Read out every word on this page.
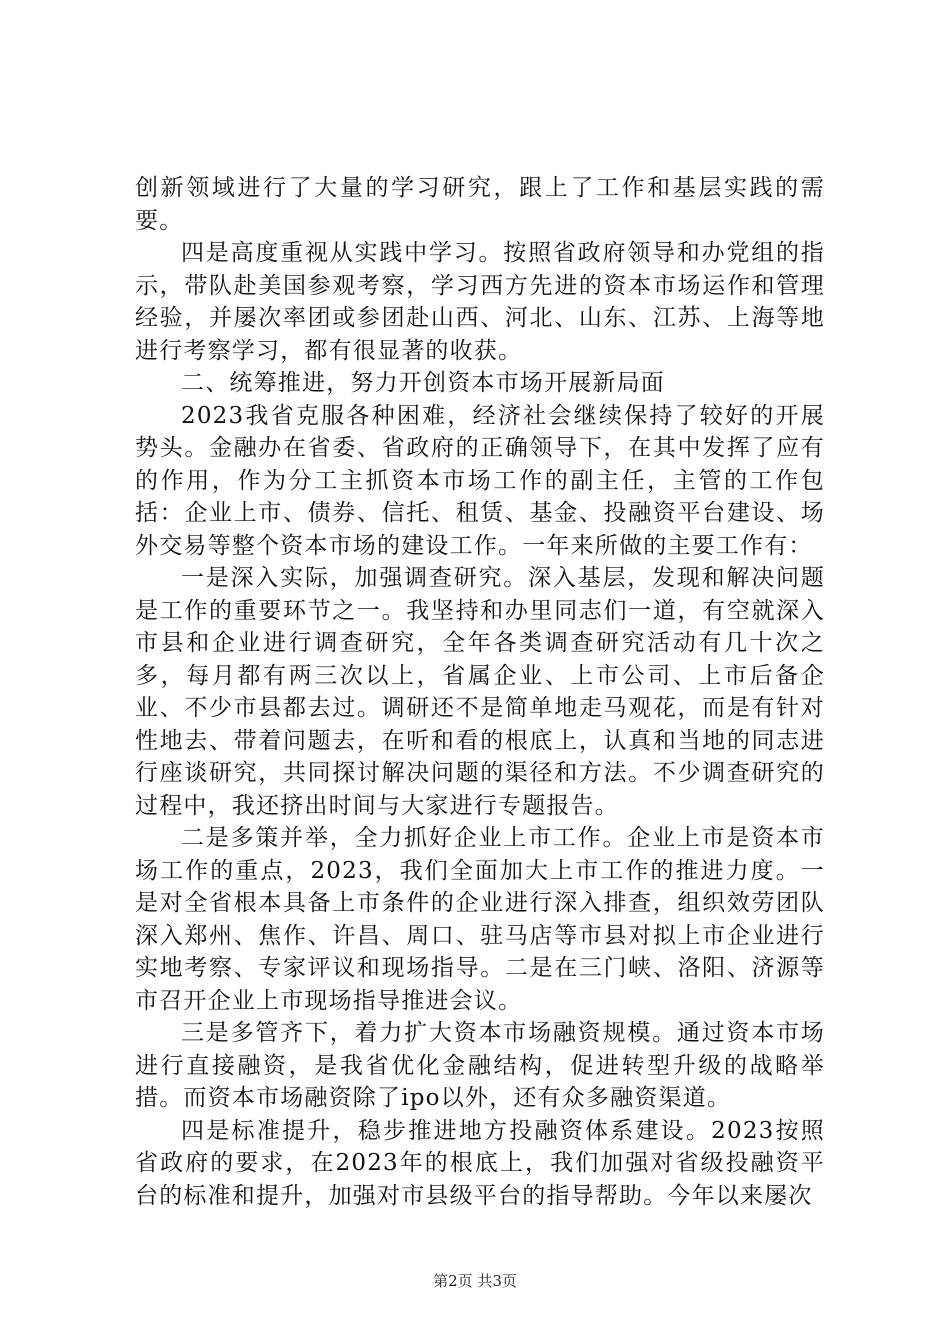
创新领域进行了大量的学习研究，跟上了工作和基层实践的需要。

四是高度重视从实践中学习。按照省政府领导和办党组的指示，带队赴美国参观考察，学习西方先进的资本市场运作和管理经验，并屡次率团或参团赴山西、河北、山东、江苏、上海等地进行考察学习，都有很显著的收获。

二、统筹推进，努力开创资本市场开展新局面

2023我省克服各种困难，经济社会继续保持了较好的开展势头。金融办在省委、省政府的正确领导下，在其中发挥了应有的作用，作为分工主抓资本市场工作的副主任，主管的工作包括：企业上市、债券、信托、租赁、基金、投融资平台建设、场外交易等整个资本市场的建设工作。一年来所做的主要工作有：

一是深入实际，加强调查研究。深入基层，发现和解决问题是工作的重要环节之一。我坚持和办里同志们一道，有空就深入市县和企业进行调查研究，全年各类调查研究活动有几十次之多，每月都有两三次以上，省属企业、上市公司、上市后备企业、不少市县都去过。调研还不是简单地走马观花，而是有针对性地去、带着问题去，在听和看的根底上，认真和当地的同志进行座谈研究，共同探讨解决问题的渠径和方法。不少调查研究的过程中，我还挤出时间与大家进行专题报告。

二是多策并举，全力抓好企业上市工作。企业上市是资本市场工作的重点，2023，我们全面加大上市工作的推进力度。一是对全省根本具备上市条件的企业进行深入排查，组织效劳团队深入郑州、焦作、许昌、周口、驻马店等市县对拟上市企业进行实地考察、专家评议和现场指导。二是在三门峡、洛阳、济源等市召开企业上市现场指导推进会议。

三是多管齐下，着力扩大资本市场融资规模。通过资本市场进行直接融资，是我省优化金融结构，促进转型升级的战略举措。而资本市场融资除了ipo以外，还有众多融资渠道。

四是标准提升，稳步推进地方投融资体系建设。2023按照省政府的要求，在2023年的根底上，我们加强对省级投融资平台的标准和提升，加强对市县级平台的指导帮助。今年以来屡次

第2页 共3页
